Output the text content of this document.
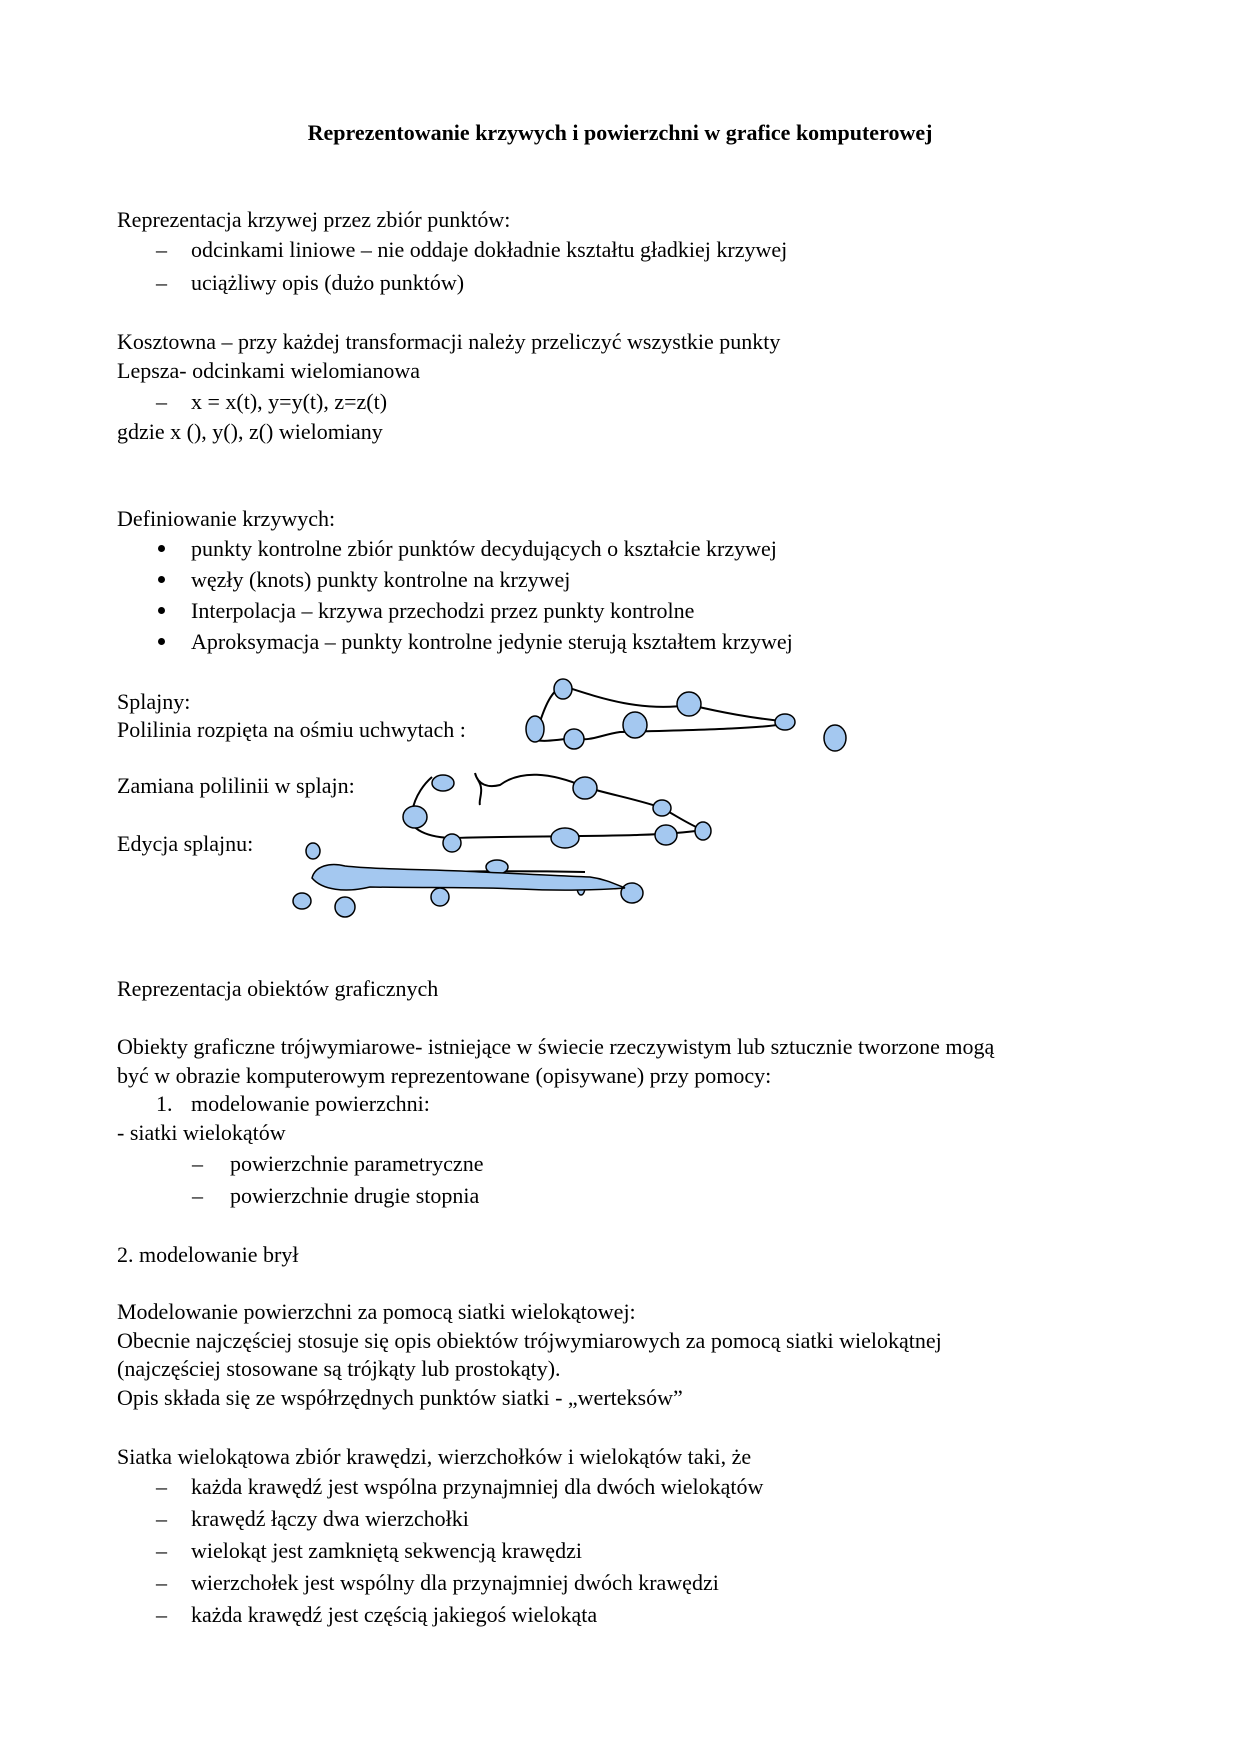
Reprezentowanie krzywych i powierzchni w grafice komputerowej
Reprezentacja krzywej przez zbiór punktów:
– odcinkami liniowe – nie oddaje dokładnie kształtu gładkiej krzywej
– uciążliwy opis (dużo punktów)
Kosztowna – przy każdej transformacji należy przeliczyć wszystkie punkty
Lepsza- odcinkami wielomianowa
– x = x(t), y=y(t), z=z(t)
gdzie x (), y(), z() wielomiany
Definiowanie krzywych:
punkty kontrolne zbiór punktów decydujących o kształcie krzywej
węzły (knots) punkty kontrolne na krzywej
Interpolacja – krzywa przechodzi przez punkty kontrolne
Aproksymacja – punkty kontrolne jedynie sterują kształtem krzywej
Splajny:
Polilinia rozpięta na ośmiu uchwytach :
Zamiana polilinii w splajn:
Edycja splajnu:
Reprezentacja obiektów graficznych
Obiekty graficzne trójwymiarowe- istniejące w świecie rzeczywistym lub sztucznie tworzone mogą
być w obrazie komputerowym reprezentowane (opisywane) przy pomocy:
1. modelowanie powierzchni:
- siatki wielokątów
– powierzchnie parametryczne
– powierzchnie drugie stopnia
2. modelowanie brył
Modelowanie powierzchni za pomocą siatki wielokątowej:
Obecnie najczęściej stosuje się opis obiektów trójwymiarowych za pomocą siatki wielokątnej
(najczęściej stosowane są trójkąty lub prostokąty).
Opis składa się ze współrzędnych punktów siatki - „werteksów”
Siatka wielokątowa zbiór krawędzi, wierzchołków i wielokątów taki, że
– każda krawędź jest wspólna przynajmniej dla dwóch wielokątów
– krawędź łączy dwa wierzchołki
– wielokąt jest zamkniętą sekwencją krawędzi
– wierzchołek jest wspólny dla przynajmniej dwóch krawędzi
– każda krawędź jest częścią jakiegoś wielokąta
